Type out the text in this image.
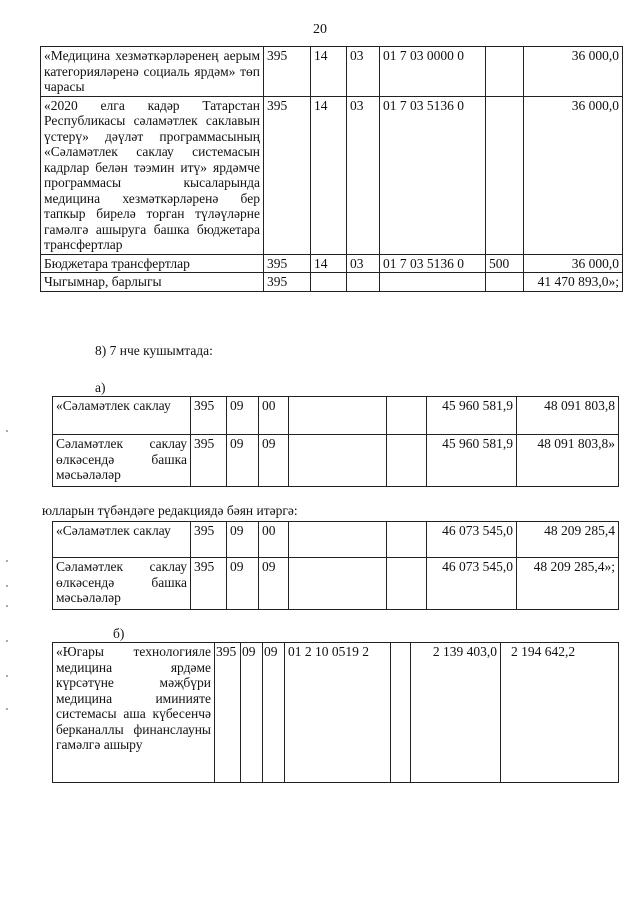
20
«Медицина хезмәткәрләренең аерым категорияләренә социаль ярдәм» төп чарасы	395	14	03	01 7 03 0000 0		36 000,0
«2020 елга кадәр Татарстан Республикасы сәламәтлек саклавын үстерү» дәүләт программасының «Сәламәтлек саклау системасын кадрлар белән тәэмин итү» ярдәмче программасы кысаларында медицина хезмәткәрләренә бер тапкыр бирелә торган түләүләрне гамәлгә ашыруга башка бюджетара трансфертлар	395	14	03	01 7 03 5136 0		36 000,0
Бюджетара трансфертлар	395	14	03	01 7 03 5136 0	500	36 000,0
Чыгымнар, барлыгы	395					41 470 893,0»;
8) 7 нче кушымтада:
а)
«Сәламәтлек саклау	395	09	00			45 960 581,9	48 091 803,8
Сәламәтлек саклау өлкәсендә башка мәсьәләләр	395	09	09			45 960 581,9	48 091 803,8»
юлларын түбәндәге редакциядә бәян итәргә:
«Сәламәтлек саклау	395	09	00			46 073 545,0	48 209 285,4
Сәламәтлек саклау өлкәсендә башка мәсьәләләр	395	09	09			46 073 545,0	48 209 285,4»;
б)
«Югары технологияле медицина ярдәме күрсәтүне мәҗбүри медицина иминияте системасы аша күбесенчә берканаллы финанслауны гамәлгә ашыру	395	09	09	01 2 10 0519 2		2 139 403,0	2 194 642,2
